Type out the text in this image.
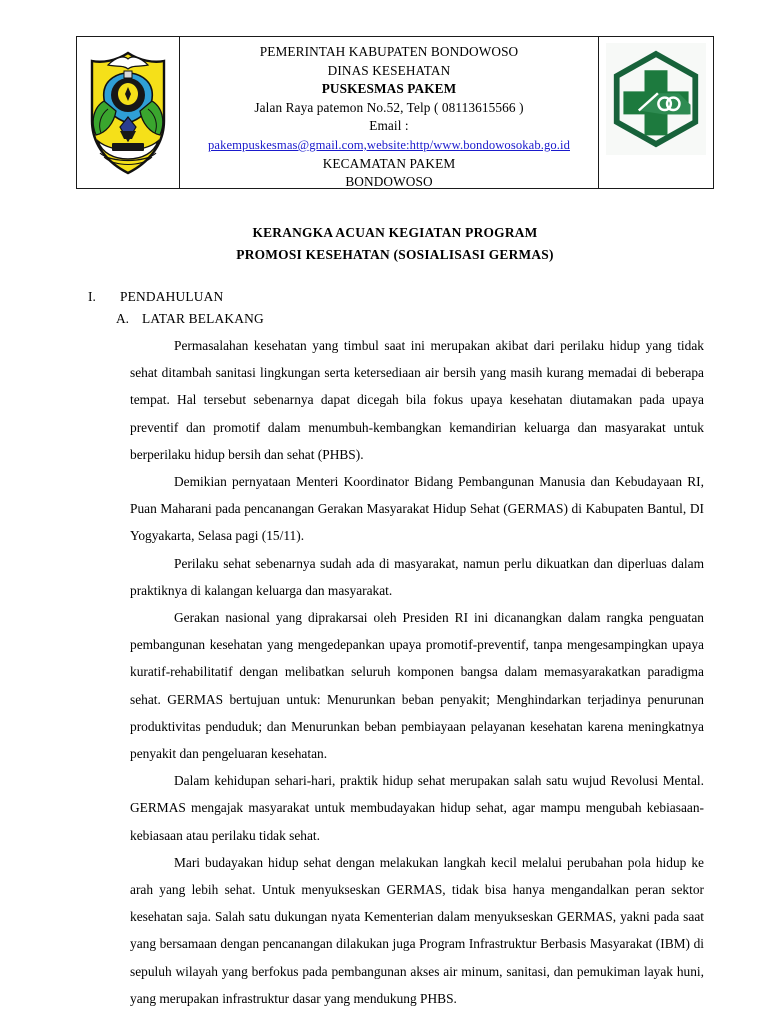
PEMERINTAH KABUPATEN BONDOWOSO
DINAS KESEHATAN
PUSKESMAS PAKEM
Jalan Raya patemon No.52, Telp ( 08113615566 )
Email :
pakempuskesmas@gmail.com,website:http/www.bondowosokab.go.id
KECAMATAN PAKEM
BONDOWOSO
KERANGKA ACUAN KEGIATAN PROGRAM
PROMOSI KESEHATAN (SOSIALISASI GERMAS)
I.	PENDAHULUAN
A. LATAR BELAKANG

Permasalahan kesehatan yang timbul saat ini merupakan akibat dari perilaku hidup yang tidak sehat ditambah sanitasi lingkungan serta ketersediaan air bersih yang masih kurang memadai di beberapa tempat. Hal tersebut sebenarnya dapat dicegah bila fokus upaya kesehatan diutamakan pada upaya preventif dan promotif dalam menumbuh-kembangkan kemandirian keluarga dan masyarakat untuk berperilaku hidup bersih dan sehat (PHBS).

Demikian pernyataan Menteri Koordinator Bidang Pembangunan Manusia dan Kebudayaan RI, Puan Maharani pada pencanangan Gerakan Masyarakat Hidup Sehat (GERMAS) di Kabupaten Bantul, DI Yogyakarta, Selasa pagi (15/11).

Perilaku sehat sebenarnya sudah ada di masyarakat, namun perlu dikuatkan dan diperluas dalam praktiknya di kalangan keluarga dan masyarakat.

Gerakan nasional yang diprakarsai oleh Presiden RI ini dicanangkan dalam rangka penguatan pembangunan kesehatan yang mengedepankan upaya promotif-preventif, tanpa mengesampingkan upaya kuratif-rehabilitatif dengan melibatkan seluruh komponen bangsa dalam memasyarakatkan paradigma sehat. GERMAS bertujuan untuk: Menurunkan beban penyakit; Menghindarkan terjadinya penurunan produktivitas penduduk; dan Menurunkan beban pembiayaan pelayanan kesehatan karena meningkatnya penyakit dan pengeluaran kesehatan.

Dalam kehidupan sehari-hari, praktik hidup sehat merupakan salah satu wujud Revolusi Mental. GERMAS mengajak masyarakat untuk membudayakan hidup sehat, agar mampu mengubah kebiasaan-kebiasaan atau perilaku tidak sehat.

Mari budayakan hidup sehat dengan melakukan langkah kecil melalui perubahan pola hidup ke arah yang lebih sehat. Untuk menyukseskan GERMAS, tidak bisa hanya mengandalkan peran sektor kesehatan saja. Salah satu dukungan nyata Kementerian dalam menyukseskan GERMAS, yakni pada saat yang bersamaan dengan pencanangan dilakukan juga Program Infrastruktur Berbasis Masyarakat (IBM) di sepuluh wilayah yang berfokus pada pembangunan akses air minum, sanitasi, dan pemukiman layak huni, yang merupakan infrastruktur dasar yang mendukung PHBS.
